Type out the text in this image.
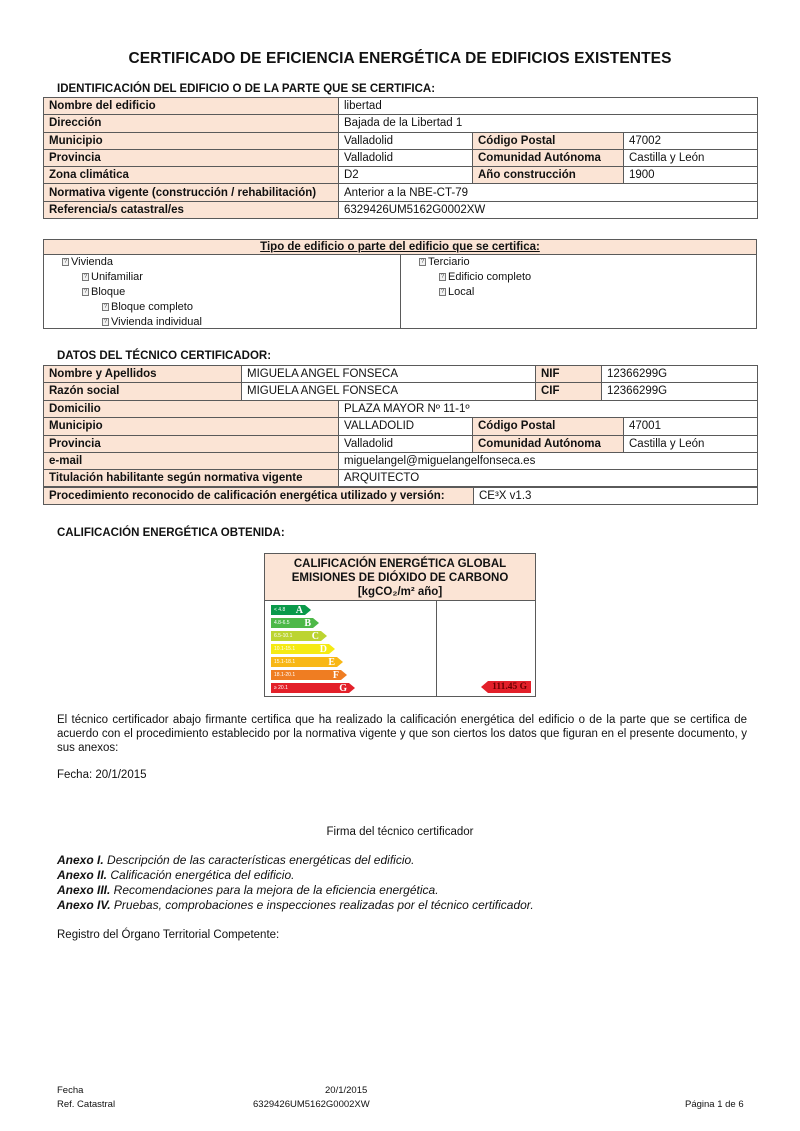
CERTIFICADO DE EFICIENCIA ENERGÉTICA DE EDIFICIOS EXISTENTES
IDENTIFICACIÓN DEL EDIFICIO O DE LA PARTE QUE SE CERTIFICA:
Nombre del edificio	libertad		
Dirección	Bajada de la Libertad 1		
Municipio	Valladolid	Código Postal	47002
Provincia	Valladolid	Comunidad Autónoma	Castilla y León
Zona climática	D2	Año construcción	1900
Normativa vigente (construcción / rehabilitación)	Anterior a la NBE-CT-79		
Referencia/s catastral/es	6329426UM5162G0002XW		
Tipo de edificio o parte del edificio que se certifica:
? Vivienda
? Unifamiliar
? Bloque
? Bloque completo
? Vivienda individual
? Terciario
? Edificio completo
? Local
DATOS DEL TÉCNICO CERTIFICADOR:
Nombre y Apellidos	MIGUELA ANGEL FONSECA	NIF	12366299G
Razón social	MIGUELA ANGEL FONSECA	CIF	12366299G
Domicilio	PLAZA MAYOR Nº 11-1º		
Municipio	VALLADOLID	Código Postal	47001
Provincia	Valladolid	Comunidad Autónoma	Castilla y León
e-mail	miguelangel@miguelangelfonseca.es		
Titulación habilitante según normativa vigente	ARQUITECTO		
Procedimiento reconocido de calificación energética utilizado y versión:	CE³X v1.3
CALIFICACIÓN ENERGÉTICA OBTENIDA:
CALIFICACIÓN ENERGÉTICA GLOBAL
EMISIONES DE DIÓXIDO DE CARBONO
[kgCO₂/m² año]
< 4.8 A
4.8-6.5 B
6.5-10.1 C
10.1-15.1 D
15.1-18.1	E
18.1-20.1	F
≥ 20.1	G	111.45 G
El técnico certificador abajo firmante certifica que ha realizado la calificación energética del edificio o de la parte que se certifica de acuerdo con el procedimiento establecido por la normativa vigente y que son ciertos los datos que figuran en el presente documento, y sus anexos:
Fecha: 20/1/2015
Firma del técnico certificador
Anexo I. Descripción de las características energéticas del edificio.
Anexo II. Calificación energética del edificio.
Anexo III. Recomendaciones para la mejora de la eficiencia energética.
Anexo IV. Pruebas, comprobaciones e inspecciones realizadas por el técnico certificador.
Registro del Órgano Territorial Competente:
Fecha	20/1/2015
Ref. Catastral	6329426UM5162G0002XW	Página 1 de 6
